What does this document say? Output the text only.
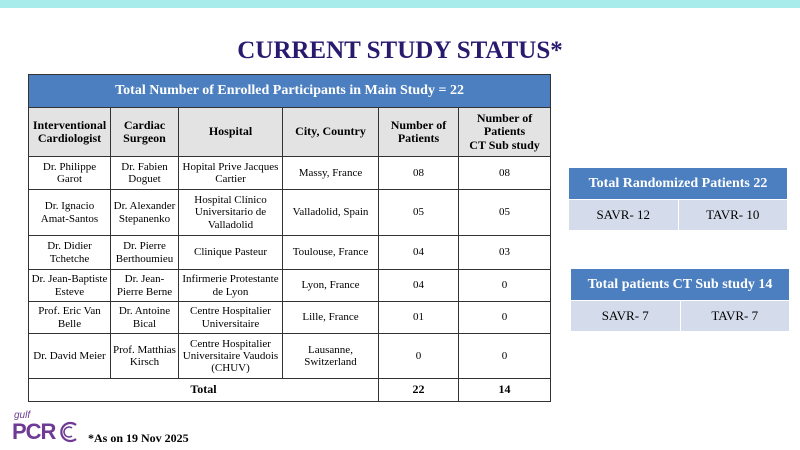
CURRENT STUDY STATUS*
Total Number of Enrolled Participants in Main Study = 22					
Interventional Cardiologist	Cardiac Surgeon	Hospital	City, Country	Number of Patients	Number of
Patients
CT Sub study
Dr. Philippe Garot	Dr. Fabien Doguet	Hopital Prive Jacques Cartier	Massy, France	08	08
Dr. Ignacio Amat-Santos	Dr. Alexander Stepanenko	Hospital Clínico Universitario de Valladolid	Valladolid, Spain	05	05
Dr. Didier Tchetche	Dr. Pierre Berthoumieu	Clinique Pasteur	Toulouse, France	04	03
Dr. Jean-Baptiste Esteve	Dr. Jean-Pierre Berne	Infirmerie Protestante de Lyon	Lyon, France	04	0
Prof. Eric Van Belle	Dr. Antoine Bical	Centre Hospitalier Universitaire	Lille, France	01	0
Dr. David Meier	Prof. Matthias Kirsch	Centre Hospitalier Universitaire Vaudois (CHUV)	Lausanne, Switzerland	0	0
Total				22	14
Total Randomized Patients 22
SAVR- 12	TAVR- 10
Total patients CT Sub study 14
SAVR- 7	TAVR- 7
gulf
PCR	*As on 19 Nov 2025
